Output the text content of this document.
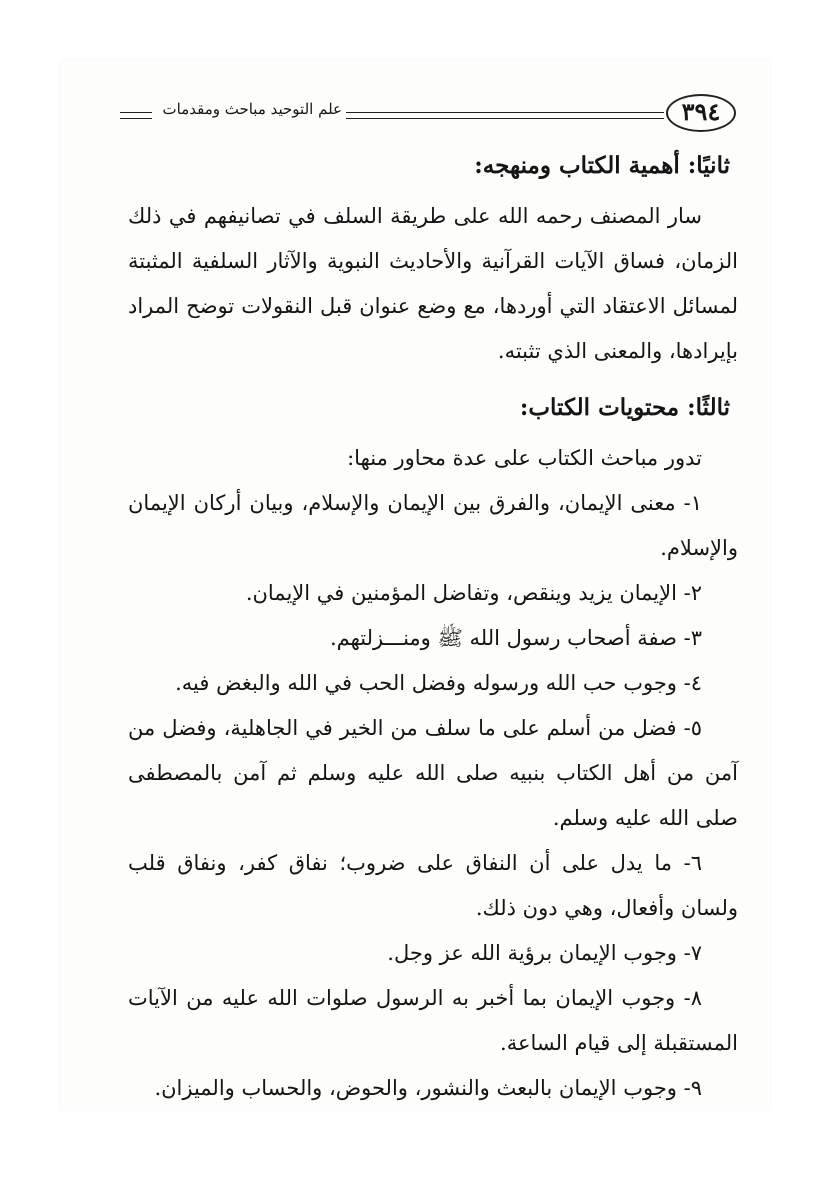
٣٩٤
علم التوحيد مباحث ومقدمات
ثانيًا: أهمية الكتاب ومنهجه:

سار المصنف رحمه الله على طريقة السلف في تصانيفهم في ذلك الزمان، فساق الآيات القرآنية والأحاديث النبوية والآثار السلفية المثبتة لمسائل الاعتقاد التي أوردها، مع وضع عنوان قبل النقولات توضح المراد بإيرادها، والمعنى الذي تثبته.

ثالثًا: محتويات الكتاب:

تدور مباحث الكتاب على عدة محاور منها:

١- معنى الإيمان، والفرق بين الإيمان والإسلام، وبيان أركان الإيمان والإسلام.

٢- الإيمان يزيد وينقص، وتفاضل المؤمنين في الإيمان.

٣- صفة أصحاب رسول الله ﷺ ومنـــزلتهم.

٤- وجوب حب الله ورسوله وفضل الحب في الله والبغض فيه.

٥- فضل من أسلم على ما سلف من الخير في الجاهلية، وفضل من آمن من أهل الكتاب بنبيه صلى الله عليه وسلم ثم آمن بالمصطفى صلى الله عليه وسلم.

٦- ما يدل على أن النفاق على ضروب؛ نفاق كفر، ونفاق قلب ولسان وأفعال، وهي دون ذلك.

٧- وجوب الإيمان برؤية الله عز وجل.

٨- وجوب الإيمان بما أخبر به الرسول صلوات الله عليه من الآيات المستقبلة إلى قيام الساعة.

٩- وجوب الإيمان بالبعث والنشور، والحوض، والحساب والميزان.
